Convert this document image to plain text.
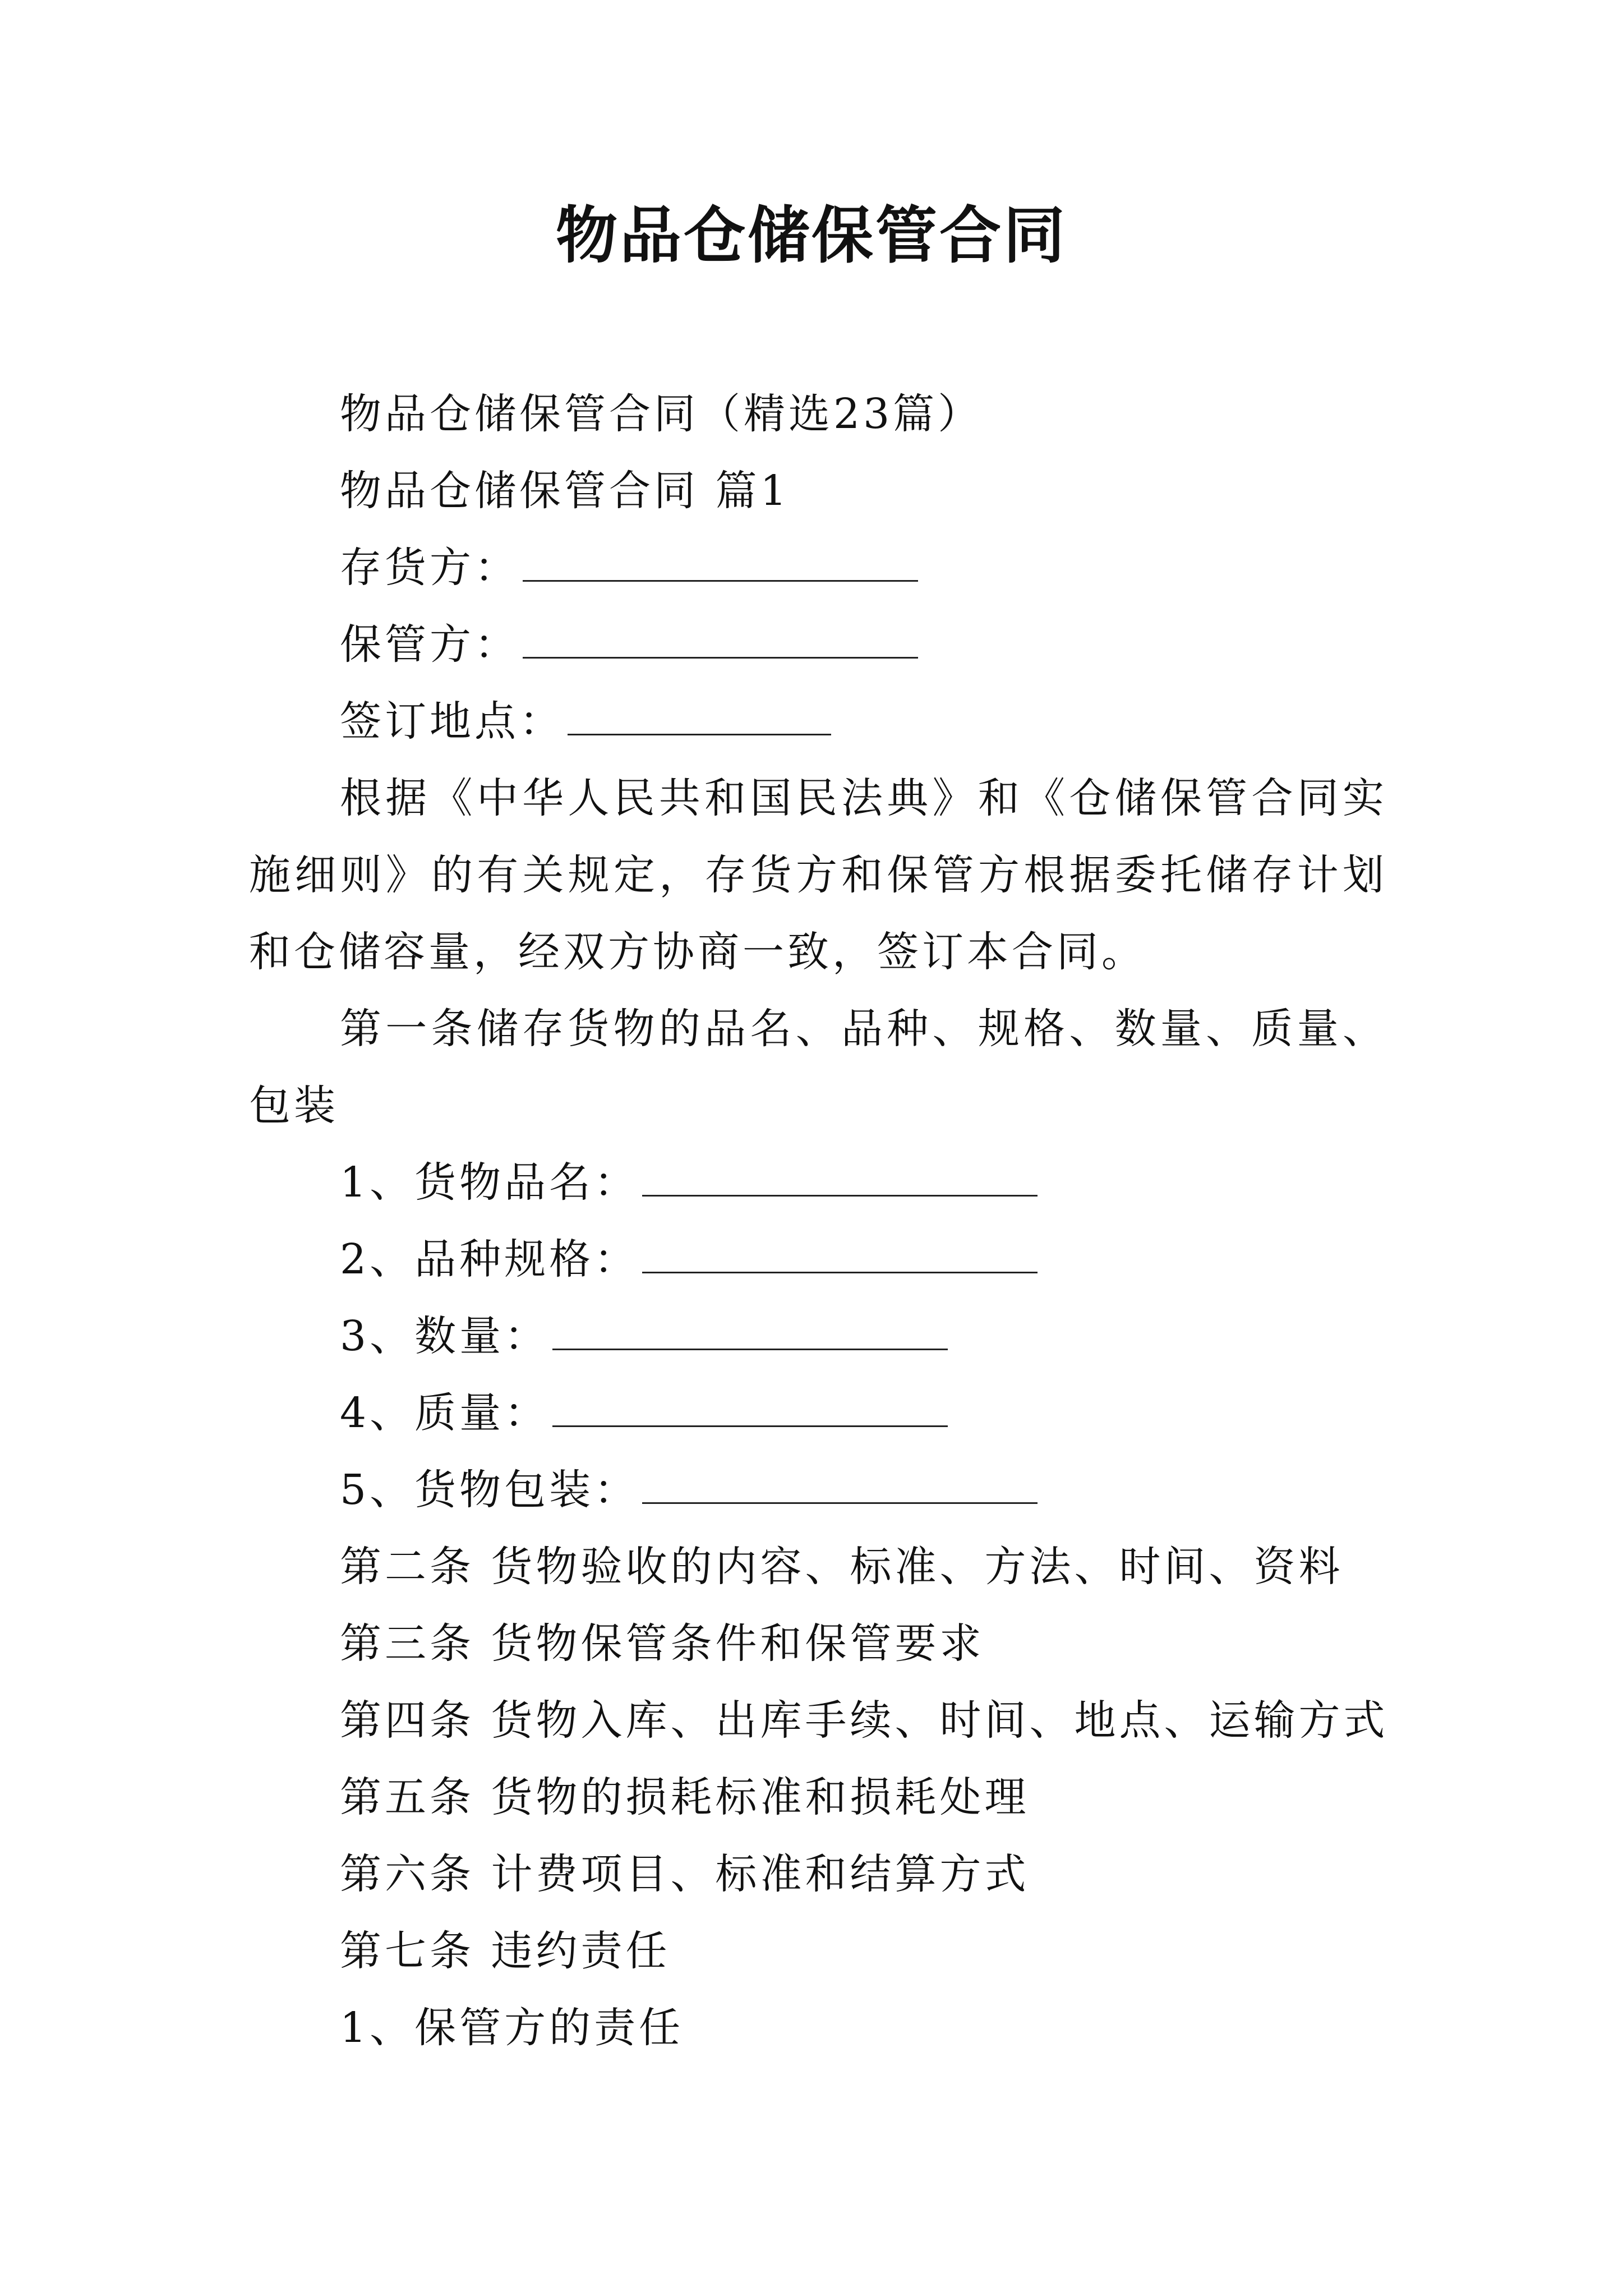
物品仓储保管合同
物品仓储保管合同（精选23篇）
物品仓储保管合同 篇1
存货方：
保管方：
签订地点：
根据《中华人民共和国民法典》和《仓储保管合同实施细则》的有关规定，存货方和保管方根据委托储存计划和仓储容量，经双方协商一致，签订本合同。
第一条储存货物的品名、品种、规格、数量、质量、包装
1、货物品名：
2、品种规格：
3、数量：
4、质量：
5、货物包装：
第二条 货物验收的内容、标准、方法、时间、资料
第三条 货物保管条件和保管要求
第四条 货物入库、出库手续、时间、地点、运输方式
第五条 货物的损耗标准和损耗处理
第六条 计费项目、标准和结算方式
第七条 违约责任
1、保管方的责任
